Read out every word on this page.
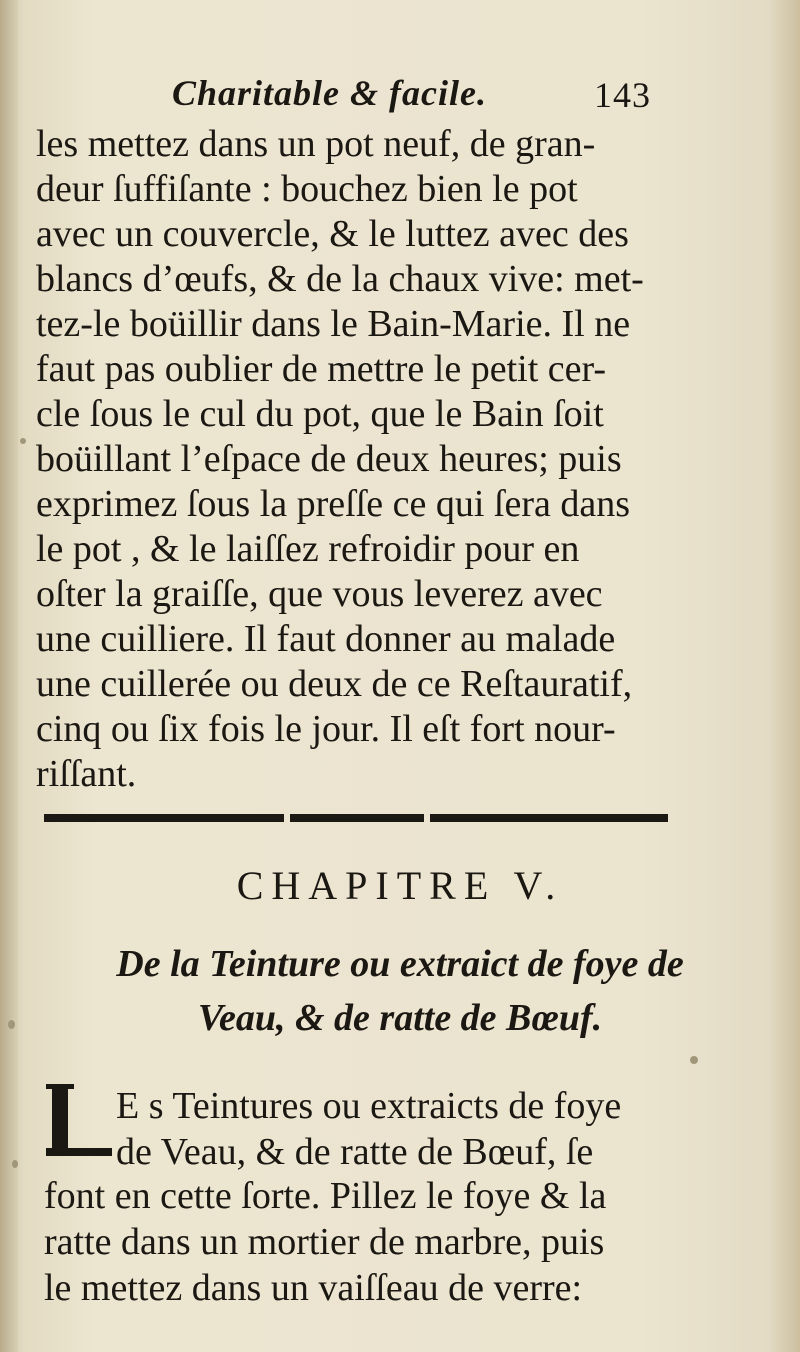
Charitable & facile.	143
les mettez dans un pot neuf, de gran-
deur ſuffiſante : bouchez bien le pot
avec un couvercle, & le luttez avec des
blancs d’œufs, & de la chaux vive: met-
tez-le boüillir dans le Bain-Marie. Il ne
faut pas oublier de mettre le petit cer-
cle ſous le cul du pot, que le Bain ſoit
boüillant l’eſpace de deux heures; puis
exprimez ſous la preſſe ce qui ſera dans
le pot , & le laiſſez refroidir pour en
oſter la graiſſe, que vous leverez avec
une cuilliere. Il faut donner au malade
une cuillerée ou deux de ce Reſtauratif,
cinq ou ſix fois le jour. Il eſt fort nour-
riſſant.
CHAPITRE V.
De la Teinture ou extraict de foye de
Veau, & de ratte de Bœuf.
L
E s Teintures ou extraicts de foye
de Veau, & de ratte de Bœuf, ſe
font en cette ſorte. Pillez le foye & la
ratte dans un mortier de marbre, puis
le mettez dans un vaiſſeau de verre:
